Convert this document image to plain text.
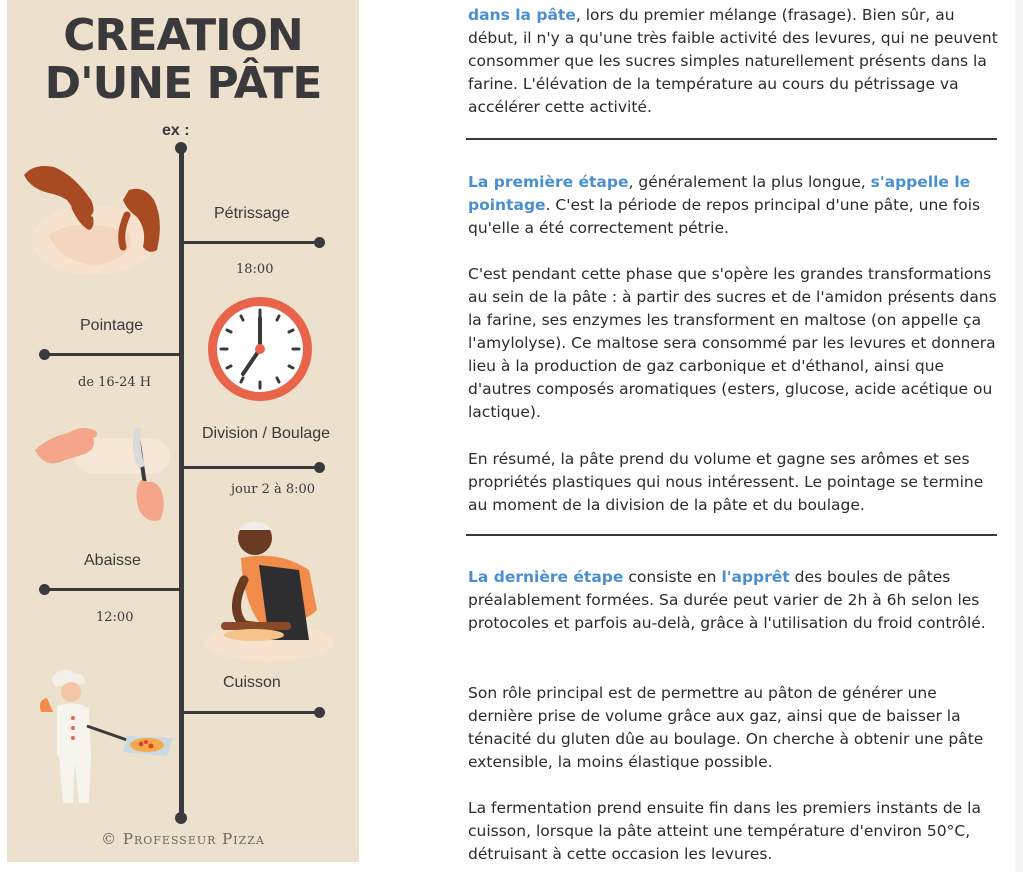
CREATION
D'UNE PÂTE
ex :
Pétrissage
18:00
Pointage
de 16-24 H
Division / Boulage
jour 2 à 8:00
Abaisse
12:00
Cuisson
© Professeur Pizza

dans la pâte, lors du premier mélange (frasage). Bien sûr, au début, il n'y a qu'une très faible activité des levures, qui ne peuvent consommer que les sucres simples naturellement présents dans la farine. L'élévation de la température au cours du pétrissage va accélérer cette activité.

La première étape, généralement la plus longue, s'appelle le pointage. C'est la période de repos principal d'une pâte, une fois qu'elle a été correctement pétrie.

C'est pendant cette phase que s'opère les grandes transformations au sein de la pâte : à partir des sucres et de l'amidon présents dans la farine, ses enzymes les transforment en maltose (on appelle ça l'amylolyse). Ce maltose sera consommé par les levures et donnera lieu à la production de gaz carbonique et d'éthanol, ainsi que d'autres composés aromatiques (esters, glucose, acide acétique ou lactique).

En résumé, la pâte prend du volume et gagne ses arômes et ses propriétés plastiques qui nous intéressent. Le pointage se termine au moment de la division de la pâte et du boulage.

La dernière étape consiste en l'apprêt des boules de pâtes préalablement formées. Sa durée peut varier de 2h à 6h selon les protocoles et parfois au-delà, grâce à l'utilisation du froid contrôlé.

Son rôle principal est de permettre au pâton de générer une dernière prise de volume grâce aux gaz, ainsi que de baisser la ténacité du gluten dûe au boulage. On cherche à obtenir une pâte extensible, la moins élastique possible.

La fermentation prend ensuite fin dans les premiers instants de la cuisson, lorsque la pâte atteint une température d'environ 50°C, détruisant à cette occasion les levures.
